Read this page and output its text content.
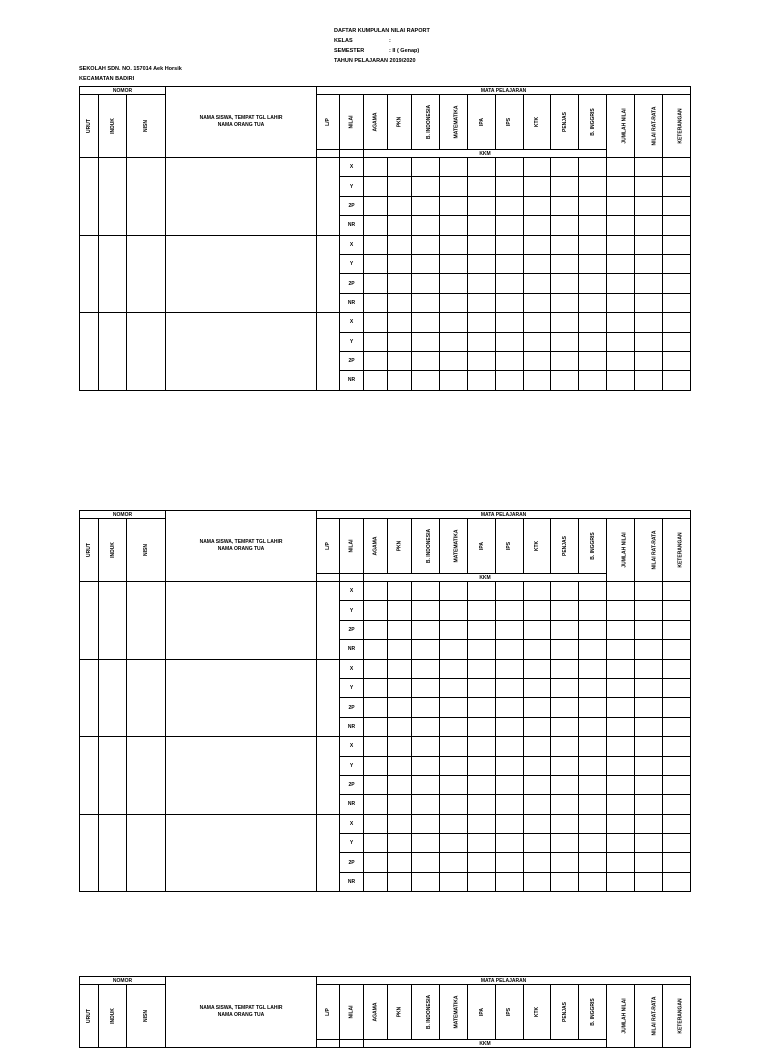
DAFTAR KUMPULAN NILAI RAPORT
KELAS	:
SEMESTER	: II ( Genap)
TAHUN PELAJARAN 2019/2020
SEKOLAH SDN. NO. 157014 Aek Horsik
KECAMATAN BADIRI
NOMOR			NAMA SISWA, TEMPAT TGL LAHIR
NAMA ORANG TUA	MATA PELAJARAN													
URUT	INDUK	NISN		L/P	NILAI	AGAMA	PKN	B. INDONESIA	MATEMATIKA	IPA	IPS	KTK	PENJAS	B. INGGRIS	JUMLAH NILAI	NILAI RAT-RATA	KETERANGAN
						KKM											
					X												
					Y												
					2P												
					NR												
					X												
					Y												
					2P												
					NR												
					X												
					Y												
					2P												
					NR												
NOMOR			NAMA SISWA, TEMPAT TGL LAHIR
NAMA ORANG TUA	MATA PELAJARAN													
URUT	INDUK	NISN		L/P	NILAI	AGAMA	PKN	B. INDONESIA	MATEMATIKA	IPA	IPS	KTK	PENJAS	B. INGGRIS	JUMLAH NILAI	NILAI RAT-RATA	KETERANGAN
						KKM											
					X												
					Y												
					2P												
					NR												
					X												
					Y												
					2P												
					NR												
					X												
					Y												
					2P												
					NR												
					X												
					Y												
					2P												
					NR												
NOMOR			NAMA SISWA, TEMPAT TGL LAHIR
NAMA ORANG TUA	MATA PELAJARAN													
URUT	INDUK	NISN		L/P	NILAI	AGAMA	PKN	B. INDONESIA	MATEMATIKA	IPA	IPS	KTK	PENJAS	B. INGGRIS	JUMLAH NILAI	NILAI RAT-RATA	KETERANGAN
						KKM											
